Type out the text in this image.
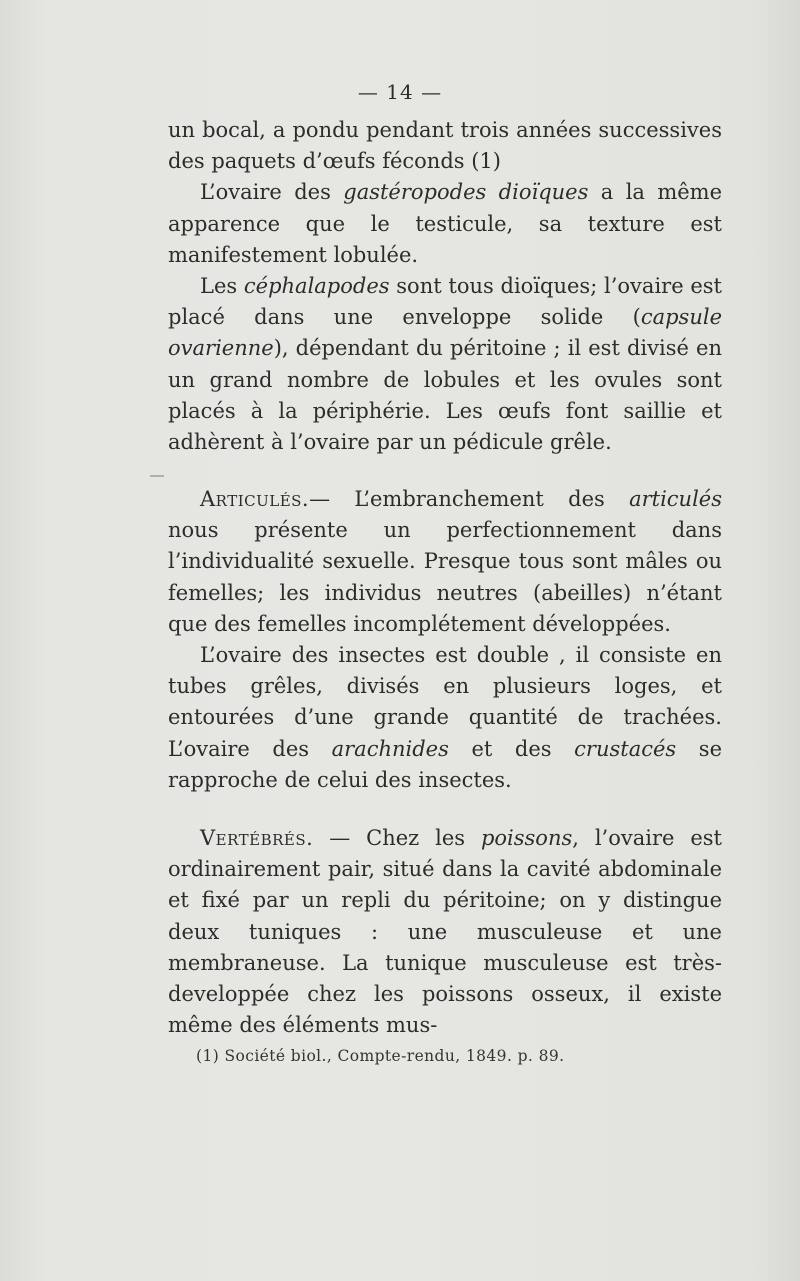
— 14 —

un bocal, a pondu pendant trois années successives des paquets d’œufs féconds (1)

L’ovaire des gastéropodes dioïques a la même apparence que le testicule, sa texture est manifestement lobulée.

Les céphalapodes sont tous dioïques; l’ovaire est placé dans une enveloppe solide (capsule ovarienne), dépendant du péritoine ; il est divisé en un grand nombre de lobules et les ovules sont placés à la périphérie. Les œufs font saillie et adhèrent à l’ovaire par un pédicule grêle.

Articulés.— L’embranchement des articulés nous présente un perfectionnement dans l’individualité sexuelle. Presque tous sont mâles ou femelles; les individus neutres (abeilles) n’étant que des femelles incomplétement développées.

L’ovaire des insectes est double , il consiste en tubes grêles, divisés en plusieurs loges, et entourées d’une grande quantité de trachées. L’ovaire des arachnides et des crustacés se rapproche de celui des insectes.

Vertébrés. — Chez les poissons, l’ovaire est ordinairement pair, situé dans la cavité abdominale et fixé par un repli du péritoine; on y distingue deux tuniques : une musculeuse et une membraneuse. La tunique musculeuse est très-developpée chez les poissons osseux, il existe même des éléments mus-

(1) Société biol., Compte-rendu, 1849. p. 89.
